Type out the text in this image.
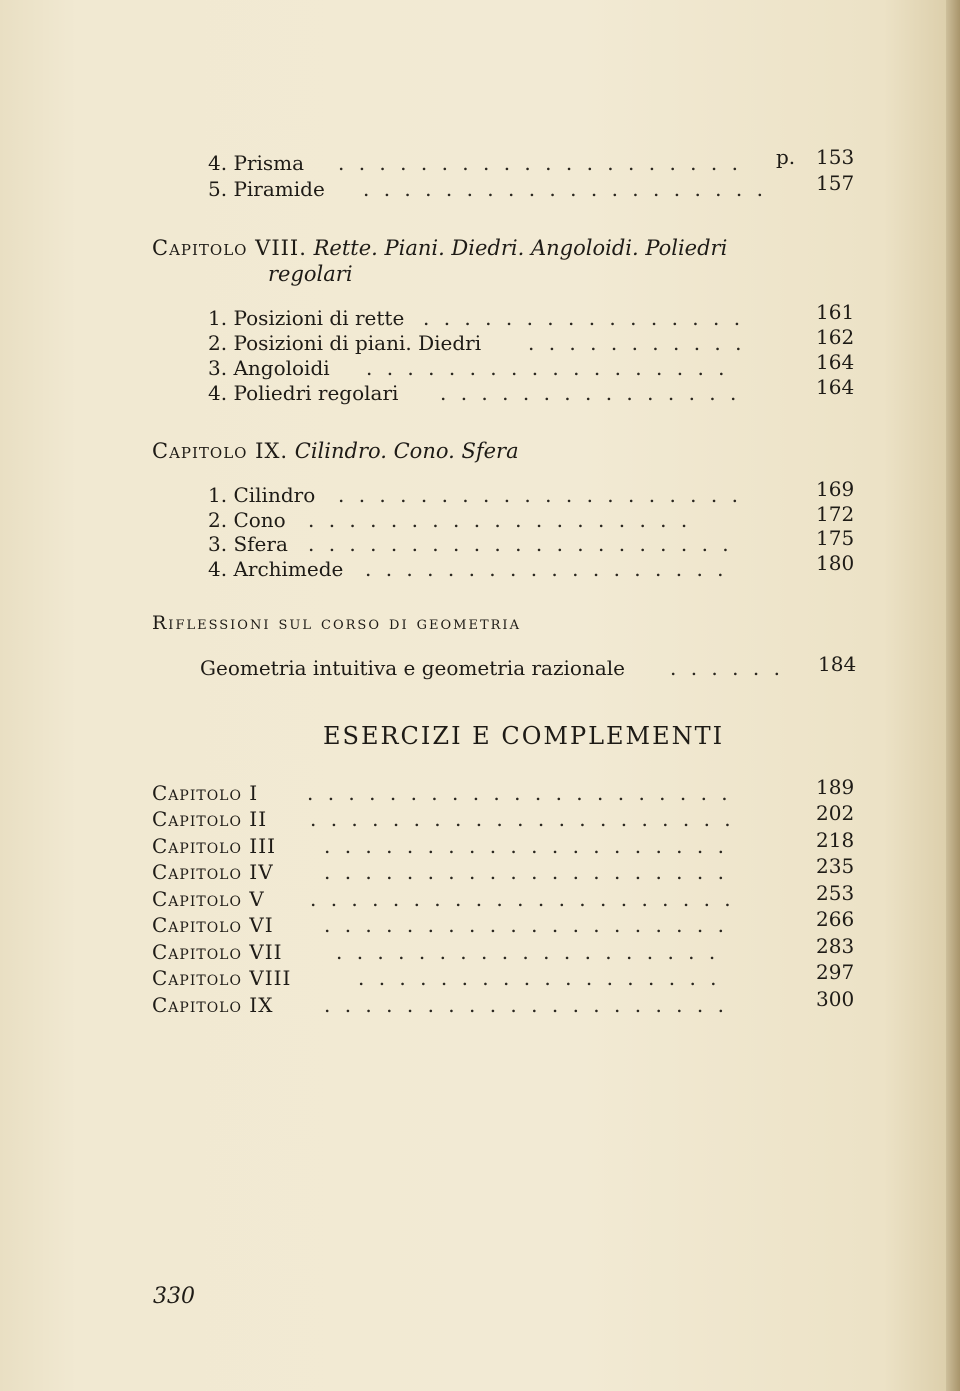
4. Prisma . . . . . . . . . . . . . . . . . . . .	p. 153
5. Piramide . . . . . . . . . . . . . . . . . . . .	157
Capitolo VIII. Rette. Piani. Diedri. Angoloidi. Poliedri
regolari
1. Posizioni di rette . . . . . . . . . . . . . . . .	161
2. Posizioni di piani. Diedri . . . . . . . . . . .	162
3. Angoloidi . . . . . . . . . . . . . . . . . .	164
4. Poliedri regolari . . . . . . . . . . . . . . .	164
Capitolo IX. Cilindro. Cono. Sfera
1. Cilindro . . . . . . . . . . . . . . . . . . . .	169
2. Cono . . . . . . . . . . . . . . . . . . .	172
3. Sfera . . . . . . . . . . . . . . . . . . . . .	175
4. Archimede . . . . . . . . . . . . . . . . . .	180
Riflessioni sul corso di geometria
Geometria intuitiva e geometria razionale . . . . . . 184
ESERCIZI E COMPLEMENTI
Capitolo I . . . . . . . . . . . . . . . . . . . . .	189
Capitolo II . . . . . . . . . . . . . . . . . . . . .	202
Capitolo III . . . . . . . . . . . . . . . . . . . .	218
Capitolo IV	. . . . . . . . . . . . . . . . . . . .	235
Capitolo V . . . . . . . . . . . . . . . . . . . . .	253
Capitolo VI	. . . . . . . . . . . . . . . . . . . .	266
Capitolo VII	. . . . . . . . . . . . . . . . . . .	283
Capitolo VIII	. . . . . . . . . . . . . . . . . .	297
Capitolo IX	. . . . . . . . . . . . . . . . . . . .	300
330
